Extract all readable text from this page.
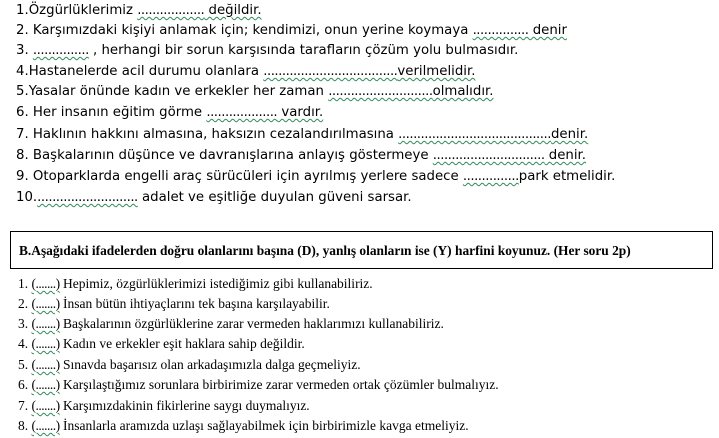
1.Özgürlüklerimiz .................. değildir.
2. Karşımızdaki kişiyi anlamak için; kendimizi, onun yerine koymaya ............... denir
3. ............... , herhangi bir sorun karşısında tarafların çözüm yolu bulmasıdır.
4.Hastanelerde acil durumu olanlara ....................................verilmelidir.
5.Yasalar önünde kadın ve erkekler her zaman ............................olmalıdır.
6. Her insanın eğitim görme ................... vardır.
7. Haklının hakkını almasına, haksızın cezalandırılmasına .........................................denir.
8. Başkalarının düşünce ve davranışlarına anlayış göstermeye .............................. denir.
9. Otoparklarda engelli araç sürücüleri için ayrılmış yerlere sadece ...............park etmelidir.
10............................ adalet ve eşitliğe duyulan güveni sarsar.
B.Aşağıdaki ifadelerden doğru olanlarını başına (D), yanlış olanların ise (Y) harfini koyunuz. (Her soru 2p)
1. (.......) Hepimiz, özgürlüklerimizi istediğimiz gibi kullanabiliriz.
2. (.......) İnsan bütün ihtiyaçlarını tek başına karşılayabilir.
3. (.......) Başkalarının özgürlüklerine zarar vermeden haklarımızı kullanabiliriz.
4. (.......) Kadın ve erkekler eşit haklara sahip değildir.
5. (.......) Sınavda başarısız olan arkadaşımızla dalga geçmeliyiz.
6. (.......) Karşılaştığımız sorunlara birbirimize zarar vermeden ortak çözümler bulmalıyız.
7. (.......) Karşımızdakinin fikirlerine saygı duymalıyız.
8. (.......) İnsanlarla aramızda uzlaşı sağlayabilmek için birbirimizle kavga etmeliyiz.
